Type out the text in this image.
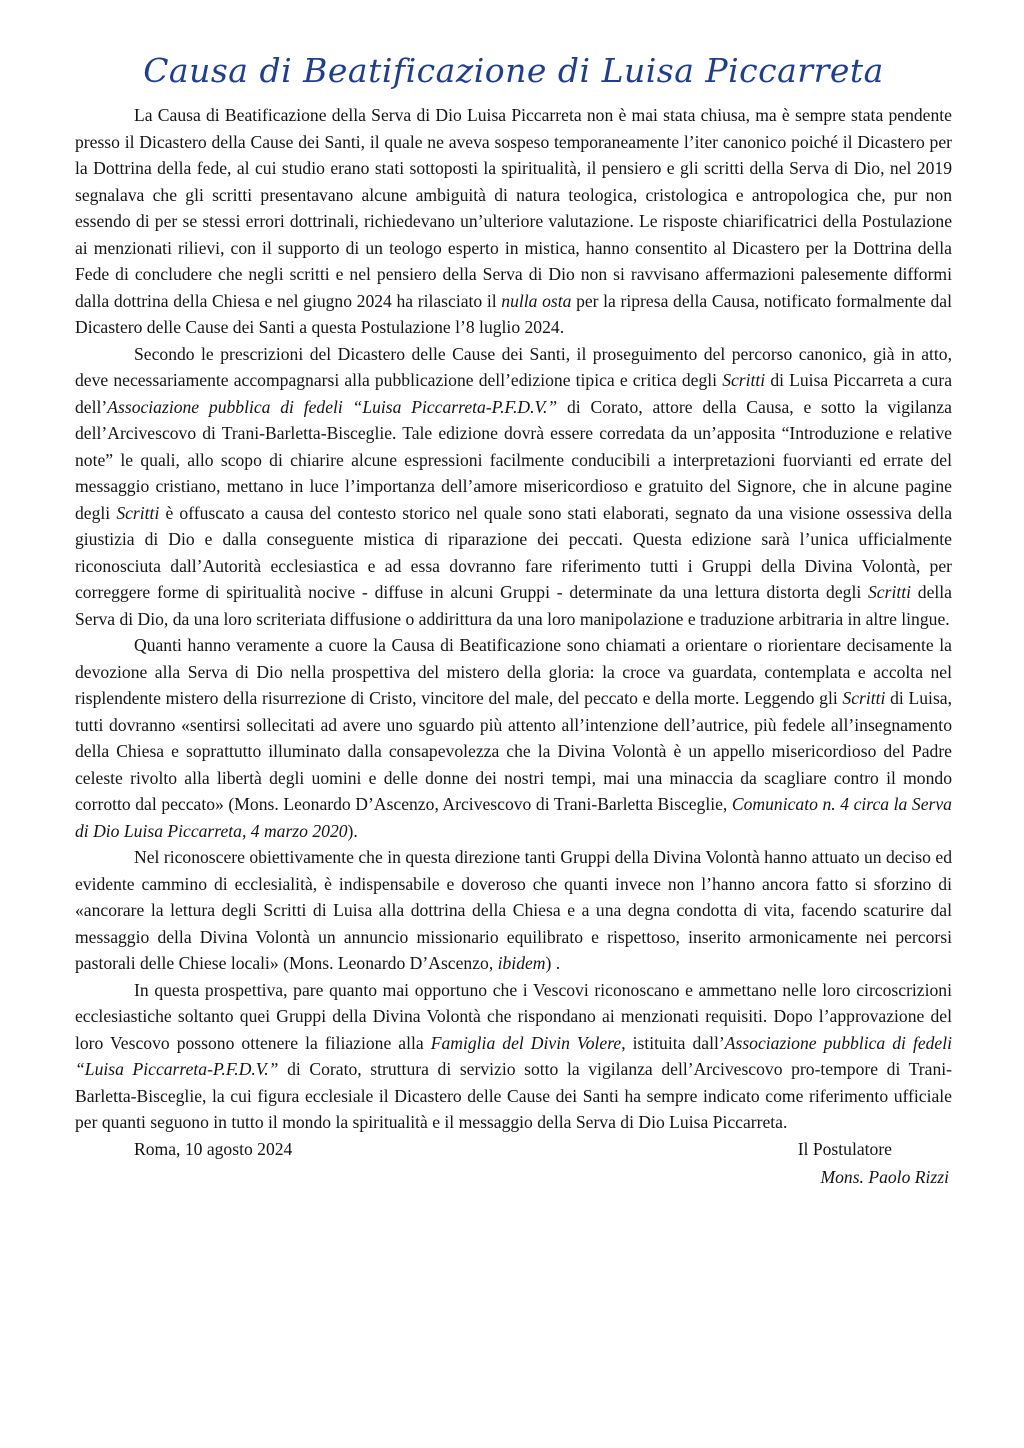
Causa di Beatificazione di Luisa Piccarreta

La Causa di Beatificazione della Serva di Dio Luisa Piccarreta non è mai stata chiusa, ma è sempre stata pendente presso il Dicastero della Cause dei Santi, il quale ne aveva sospeso temporaneamente l’iter canonico poiché il Dicastero per la Dottrina della fede, al cui studio erano stati sottoposti la spiritualità, il pensiero e gli scritti della Serva di Dio, nel 2019 segnalava che gli scritti presentavano alcune ambiguità di natura teologica, cristologica e antropologica che, pur non essendo di per se stessi errori dottrinali, richiedevano un’ulteriore valutazione. Le risposte chiarificatrici della Postulazione ai menzionati rilievi, con il supporto di un teologo esperto in mistica, hanno consentito al Dicastero per la Dottrina della Fede di concludere che negli scritti e nel pensiero della Serva di Dio non si ravvisano affermazioni palesemente difformi dalla dottrina della Chiesa e nel giugno 2024 ha rilasciato il nulla osta per la ripresa della Causa, notificato formalmente dal Dicastero delle Cause dei Santi a questa Postulazione l’8 luglio 2024.

Secondo le prescrizioni del Dicastero delle Cause dei Santi, il proseguimento del percorso canonico, già in atto, deve necessariamente accompagnarsi alla pubblicazione dell’edizione tipica e critica degli Scritti di Luisa Piccarreta a cura dell’Associazione pubblica di fedeli “Luisa Piccarreta-P.F.D.V.” di Corato, attore della Causa, e sotto la vigilanza dell’Arcivescovo di Trani-Barletta-Bisceglie. Tale edizione dovrà essere corredata da un’apposita “Introduzione e relative note” le quali, allo scopo di chiarire alcune espressioni facilmente conducibili a interpretazioni fuorvianti ed errate del messaggio cristiano, mettano in luce l’importanza dell’amore misericordioso e gratuito del Signore, che in alcune pagine degli Scritti è offuscato a causa del contesto storico nel quale sono stati elaborati, segnato da una visione ossessiva della giustizia di Dio e dalla conseguente mistica di riparazione dei peccati. Questa edizione sarà l’unica ufficialmente riconosciuta dall’Autorità ecclesiastica e ad essa dovranno fare riferimento tutti i Gruppi della Divina Volontà, per correggere forme di spiritualità nocive - diffuse in alcuni Gruppi - determinate da una lettura distorta degli Scritti della Serva di Dio, da una loro scriteriata diffusione o addirittura da una loro manipolazione e traduzione arbitraria in altre lingue.

Quanti hanno veramente a cuore la Causa di Beatificazione sono chiamati a orientare o riorientare decisamente la devozione alla Serva di Dio nella prospettiva del mistero della gloria: la croce va guardata, contemplata e accolta nel risplendente mistero della risurrezione di Cristo, vincitore del male, del peccato e della morte. Leggendo gli Scritti di Luisa, tutti dovranno «sentirsi sollecitati ad avere uno sguardo più attento all’intenzione dell’autrice, più fedele all’insegnamento della Chiesa e soprattutto illuminato dalla consapevolezza che la Divina Volontà è un appello misericordioso del Padre celeste rivolto alla libertà degli uomini e delle donne dei nostri tempi, mai una minaccia da scagliare contro il mondo corrotto dal peccato» (Mons. Leonardo D’Ascenzo, Arcivescovo di Trani-Barletta Bisceglie, Comunicato n. 4 circa la Serva di Dio Luisa Piccarreta, 4 marzo 2020).

Nel riconoscere obiettivamente che in questa direzione tanti Gruppi della Divina Volontà hanno attuato un deciso ed evidente cammino di ecclesialità, è indispensabile e doveroso che quanti invece non l’hanno ancora fatto si sforzino di «ancorare la lettura degli Scritti di Luisa alla dottrina della Chiesa e a una degna condotta di vita, facendo scaturire dal messaggio della Divina Volontà un annuncio missionario equilibrato e rispettoso, inserito armonicamente nei percorsi pastorali delle Chiese locali» (Mons. Leonardo D’Ascenzo, ibidem) .

In questa prospettiva, pare quanto mai opportuno che i Vescovi riconoscano e ammettano nelle loro circoscrizioni ecclesiastiche soltanto quei Gruppi della Divina Volontà che rispondano ai menzionati requisiti. Dopo l’approvazione del loro Vescovo possono ottenere la filiazione alla Famiglia del Divin Volere, istituita dall’Associazione pubblica di fedeli “Luisa Piccarreta-P.F.D.V.” di Corato, struttura di servizio sotto la vigilanza dell’Arcivescovo pro-tempore di Trani-Barletta-Bisceglie, la cui figura ecclesiale il Dicastero delle Cause dei Santi ha sempre indicato come riferimento ufficiale per quanti seguono in tutto il mondo la spiritualità e il messaggio della Serva di Dio Luisa Piccarreta.

Roma, 10 agosto 2024	Il Postulatore
Mons. Paolo Rizzi
